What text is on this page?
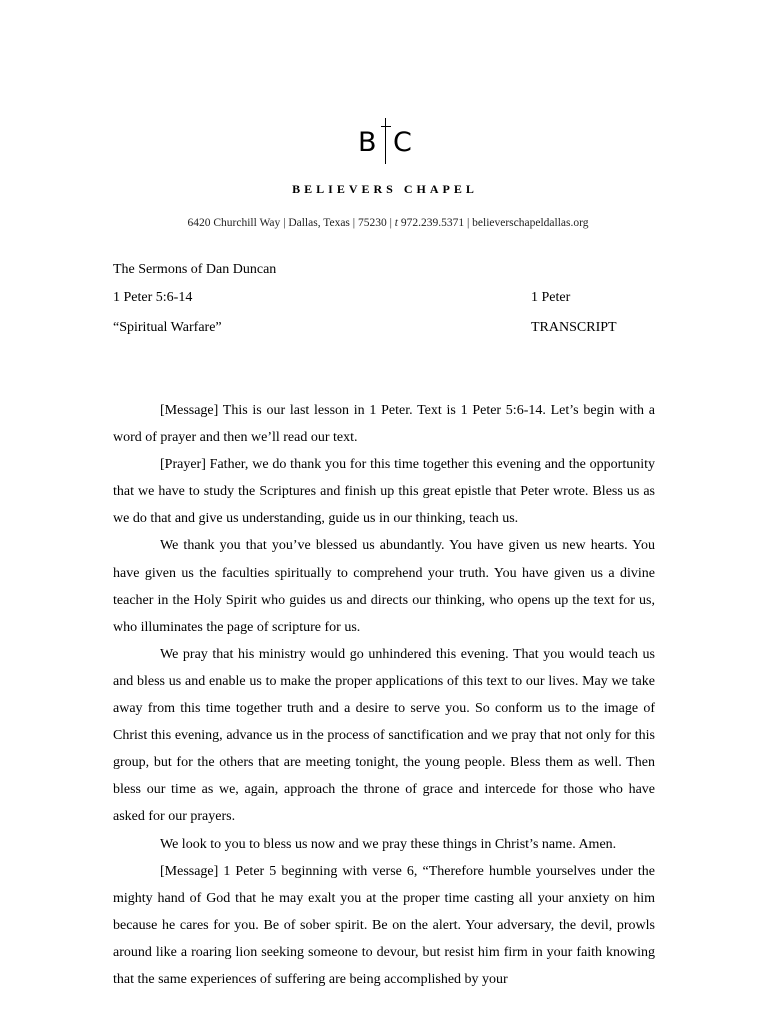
B C
BELIEVERS CHAPEL
6420 Churchill Way | Dallas, Texas | 75230 | t 972.239.5371 | believerschapeldallas.org
The Sermons of Dan Duncan
1 Peter 5:6-14	1 Peter
“Spiritual Warfare”	TRANSCRIPT

[Message] This is our last lesson in 1 Peter. Text is 1 Peter 5:6-14. Let’s begin with a word of prayer and then we’ll read our text.

[Prayer] Father, we do thank you for this time together this evening and the opportunity that we have to study the Scriptures and finish up this great epistle that Peter wrote. Bless us as we do that and give us understanding, guide us in our thinking, teach us.

We thank you that you’ve blessed us abundantly. You have given us new hearts. You have given us the faculties spiritually to comprehend your truth. You have given us a divine teacher in the Holy Spirit who guides us and directs our thinking, who opens up the text for us, who illuminates the page of scripture for us.

We pray that his ministry would go unhindered this evening. That you would teach us and bless us and enable us to make the proper applications of this text to our lives. May we take away from this time together truth and a desire to serve you. So conform us to the image of Christ this evening, advance us in the process of sanctification and we pray that not only for this group, but for the others that are meeting tonight, the young people. Bless them as well. Then bless our time as we, again, approach the throne of grace and intercede for those who have asked for our prayers.

We look to you to bless us now and we pray these things in Christ’s name. Amen.

[Message] 1 Peter 5 beginning with verse 6, “Therefore humble yourselves under the mighty hand of God that he may exalt you at the proper time casting all your anxiety on him because he cares for you. Be of sober spirit. Be on the alert. Your adversary, the devil, prowls around like a roaring lion seeking someone to devour, but resist him firm in your faith knowing that the same experiences of suffering are being accomplished by your
